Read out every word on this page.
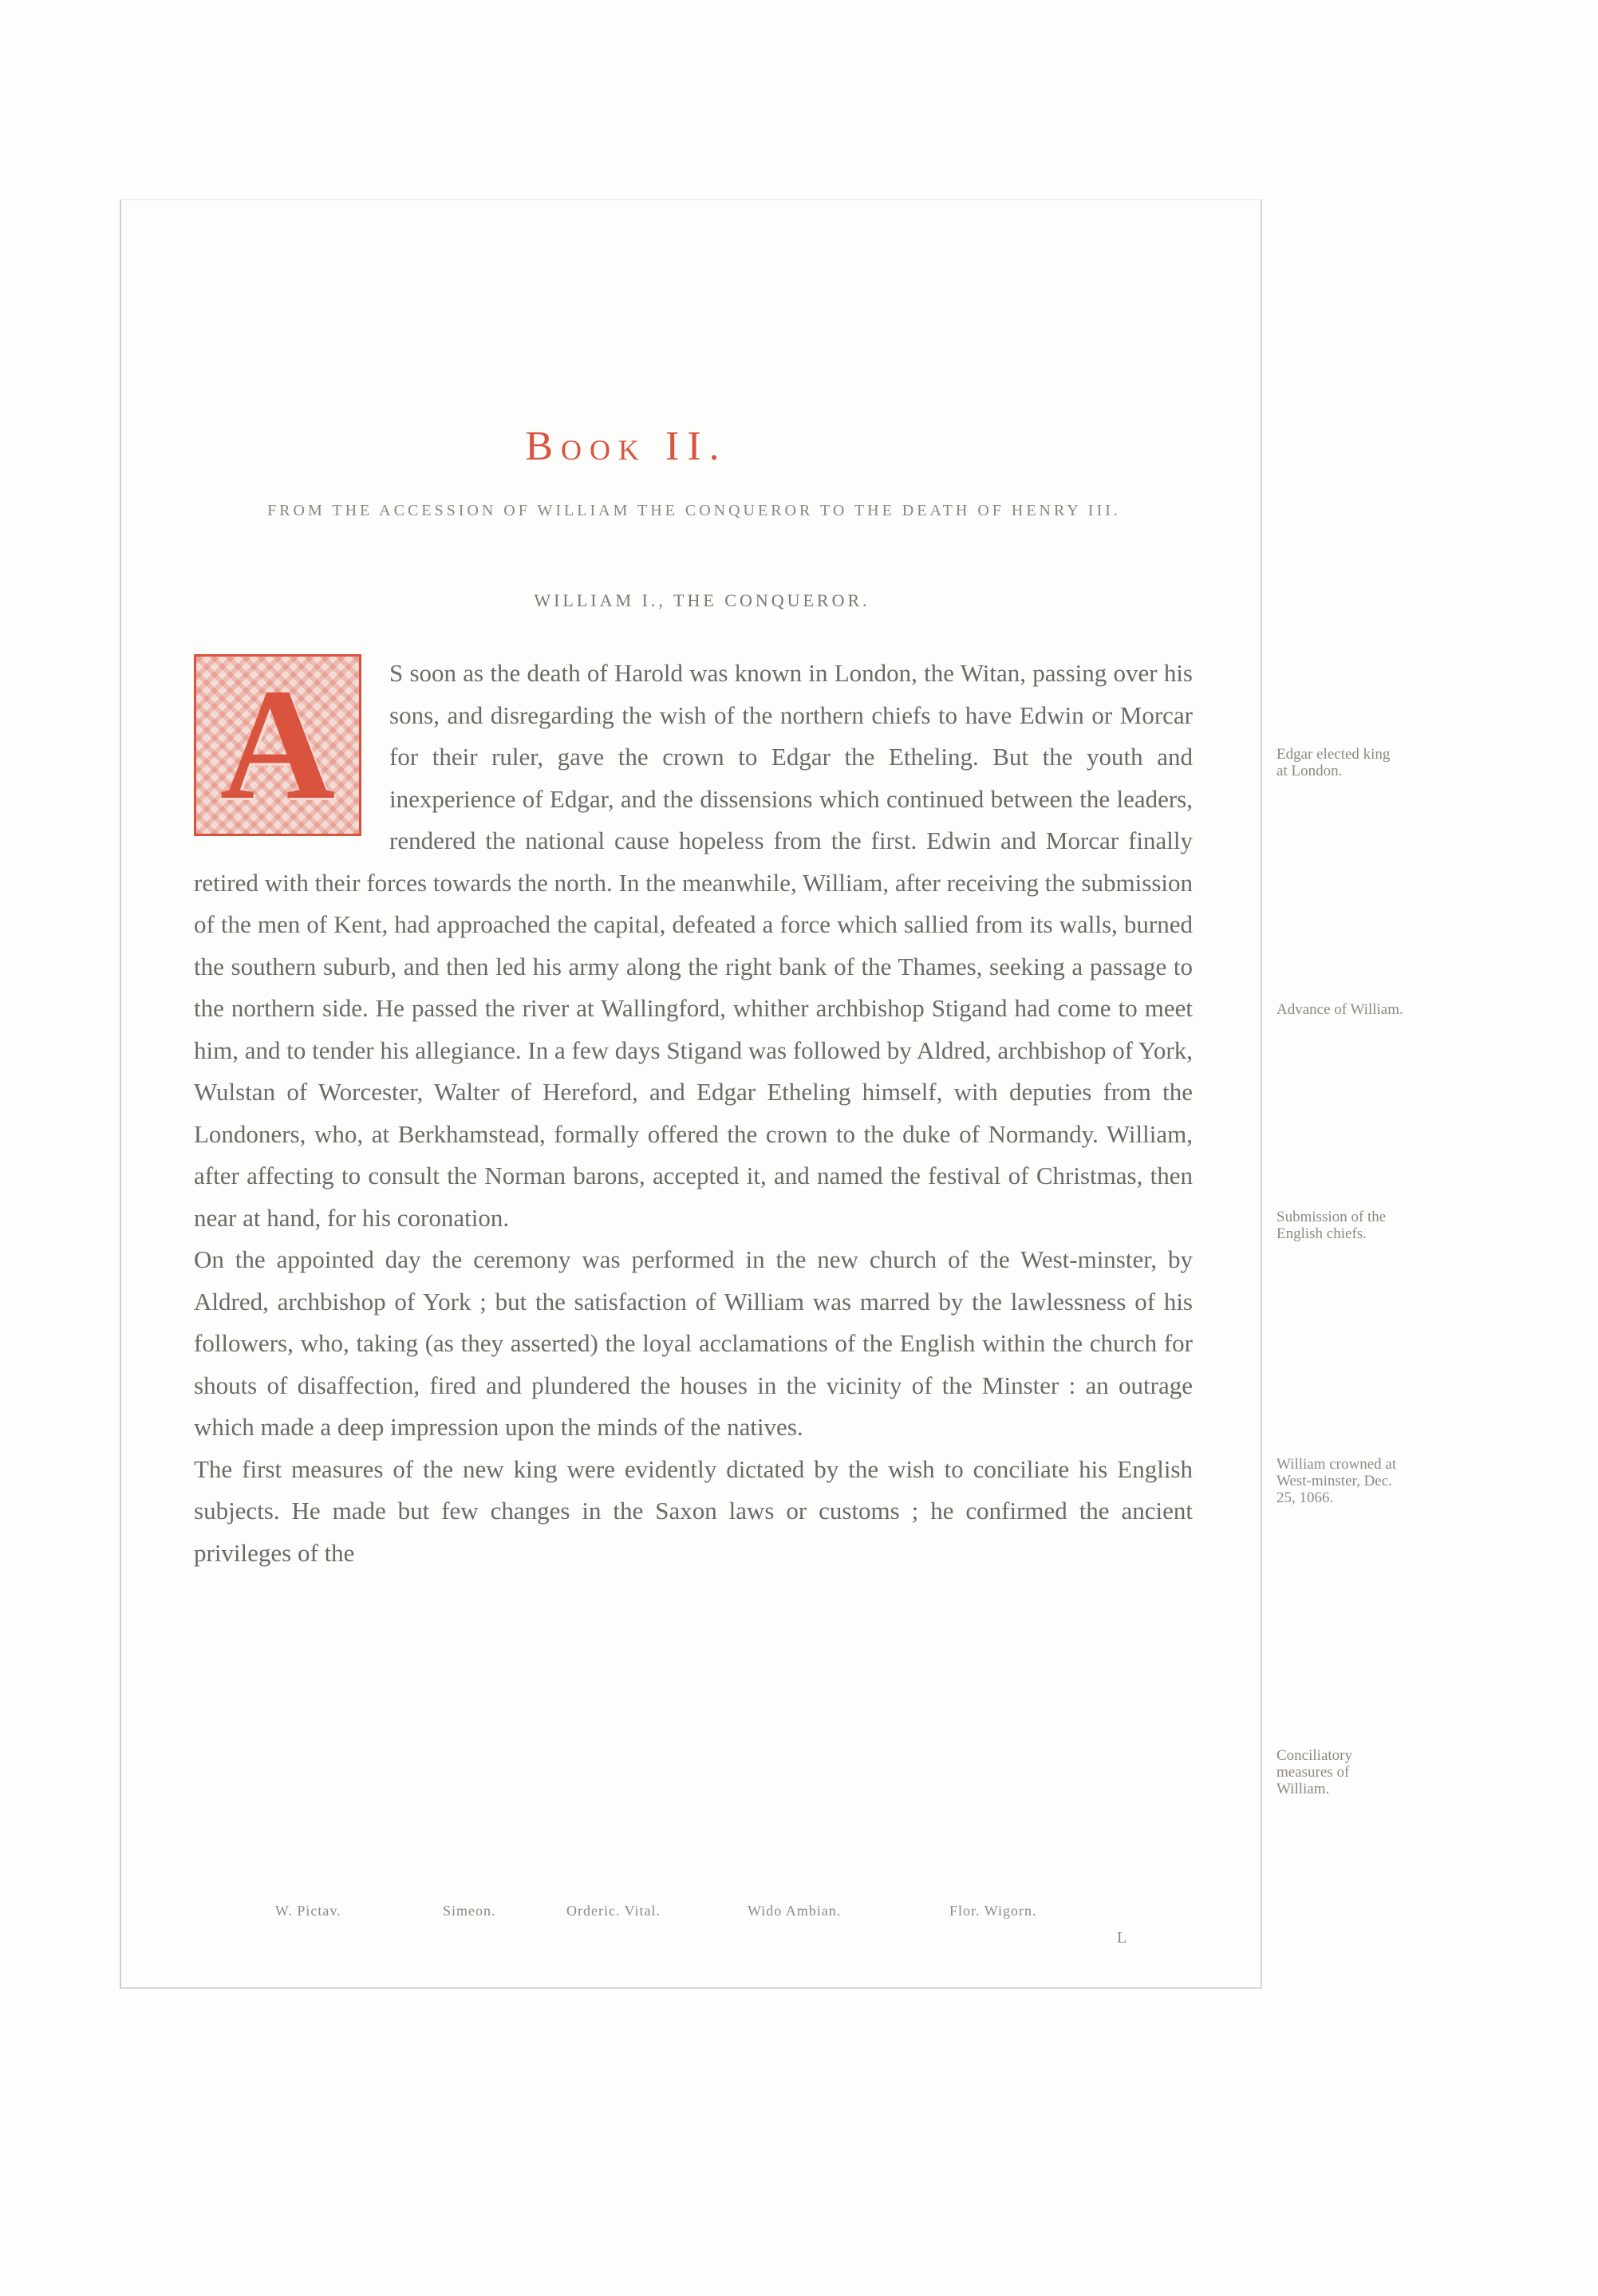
Book II.
FROM THE ACCESSION OF WILLIAM THE CONQUEROR TO THE DEATH OF HENRY III.
WILLIAM I., THE CONQUEROR.
A	S soon as the death of Harold was known in London, the Witan, passing over his sons, and disregarding the wish of the northern chiefs to have Edwin or Morcar for their ruler, gave the crown to Edgar the Etheling. But the youth and inexperience of Edgar, and the dissensions which continued between the leaders, rendered the national cause hopeless from the first. Edwin and Morcar finally retired with their forces towards the north. In the meanwhile, William, after receiving the submission of the men of Kent, had approached the capital, defeated a force which sallied from its walls, burned the southern suburb, and then led his army along the right bank of the Thames, seeking a passage to the northern side. He passed the river at Wallingford, whither archbishop Stigand had come to meet him, and to tender his allegiance. In a few days Stigand was followed by Aldred, archbishop of York, Wulstan of Worcester, Walter of Hereford, and Edgar Etheling himself, with deputies from the Londoners, who, at Berkhamstead, formally offered the crown to the duke of Normandy. William, after affecting to consult the Norman barons, accepted it, and named the festival of Christmas, then near at hand, for his coronation.

On the appointed day the ceremony was performed in the new church of the West-minster, by Aldred, archbishop of York ; but the satisfaction of William was marred by the lawlessness of his followers, who, taking (as they asserted) the loyal acclamations of the English within the church for shouts of disaffection, fired and plundered the houses in the vicinity of the Minster : an outrage which made a deep impression upon the minds of the natives.

The first measures of the new king were evidently dictated by the wish to conciliate his English subjects. He made but few changes in the Saxon laws or customs ; he confirmed the ancient privileges of the

Edgar elected king at London.
Advance of William.
Submission of the English chiefs.
William crowned at West-minster, Dec. 25, 1066.
Conciliatory measures of William.
W. Pictav.	Simeon.	Orderic. Vital.	Wido Ambian.	Flor. Wigorn.
L
